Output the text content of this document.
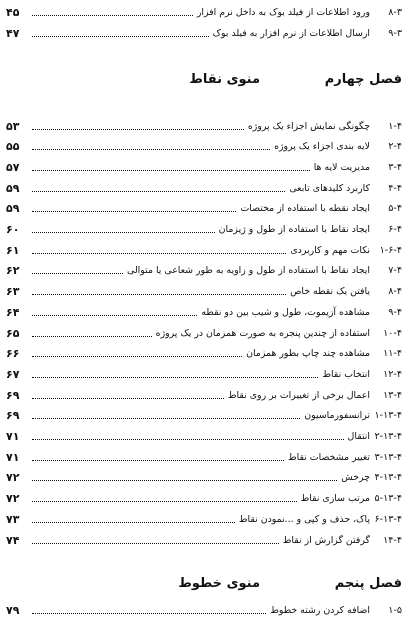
۸-۳
ورود اطلاعات از فیلد بوک به داخل نرم افزار
۴۵
۹-۳
ارسال اطلاعات از نرم افزار به فیلد بوک
۴۷
فصل چهارم
منوی نقاط
۱-۴
چگونگی نمایش اجزاء یک پروژه
۵۳
۲-۴
لایه بندی اجزاء یک پروژه
۵۵
۳-۴
مدیریت لایه ها
۵۷
۴-۴
کاربرد کلیدهای تابعی
۵۹
۵-۴
ایجاد نقطه با استفاده از مختصات
۵۹
۶-۴
ایجاد نقاط با استفاده از طول و ژیزمان
۶۰
۱-۶-۴
نکات مهم و کاربردی
۶۱
۷-۴
ایجاد نقاط با استفاده از طول و زاویه به طور شعاعی یا متوالی
۶۲
۸-۴
یافتن یک نقطه خاص
۶۳
۹-۴
مشاهده آزیموت، طول و شیب بین دو نقطه
۶۴
۱۰-۴
استفاده از چندین پنجره به صورت همزمان در یک پروژه
۶۵
۱۱-۴
مشاهده چند چاپ بطور همزمان
۶۶
۱۲-۴
انتخاب نقاط
۶۷
۱۳-۴
اعمال برخی از تغییرات بر روی نقاط
۶۹
۱-۱۳-۴
ترانسفورماسیون
۶۹
۲-۱۳-۴
انتقال
۷۱
۳-۱۳-۴
تغییر مشخصات نقاط
۷۱
۴-۱۳-۴
چرخش
۷۲
۵-۱۳-۴
مرتب سازی نقاط
۷۲
۶-۱۳-۴
پاک، حذف و کپی و ...نمودن نقاط
۷۳
۱۴-۴
گرفتن گزارش از نقاط
۷۴
فصل پنجم
منوی خطوط
۱-۵
اضافه کردن رشته خطوط
۷۹
